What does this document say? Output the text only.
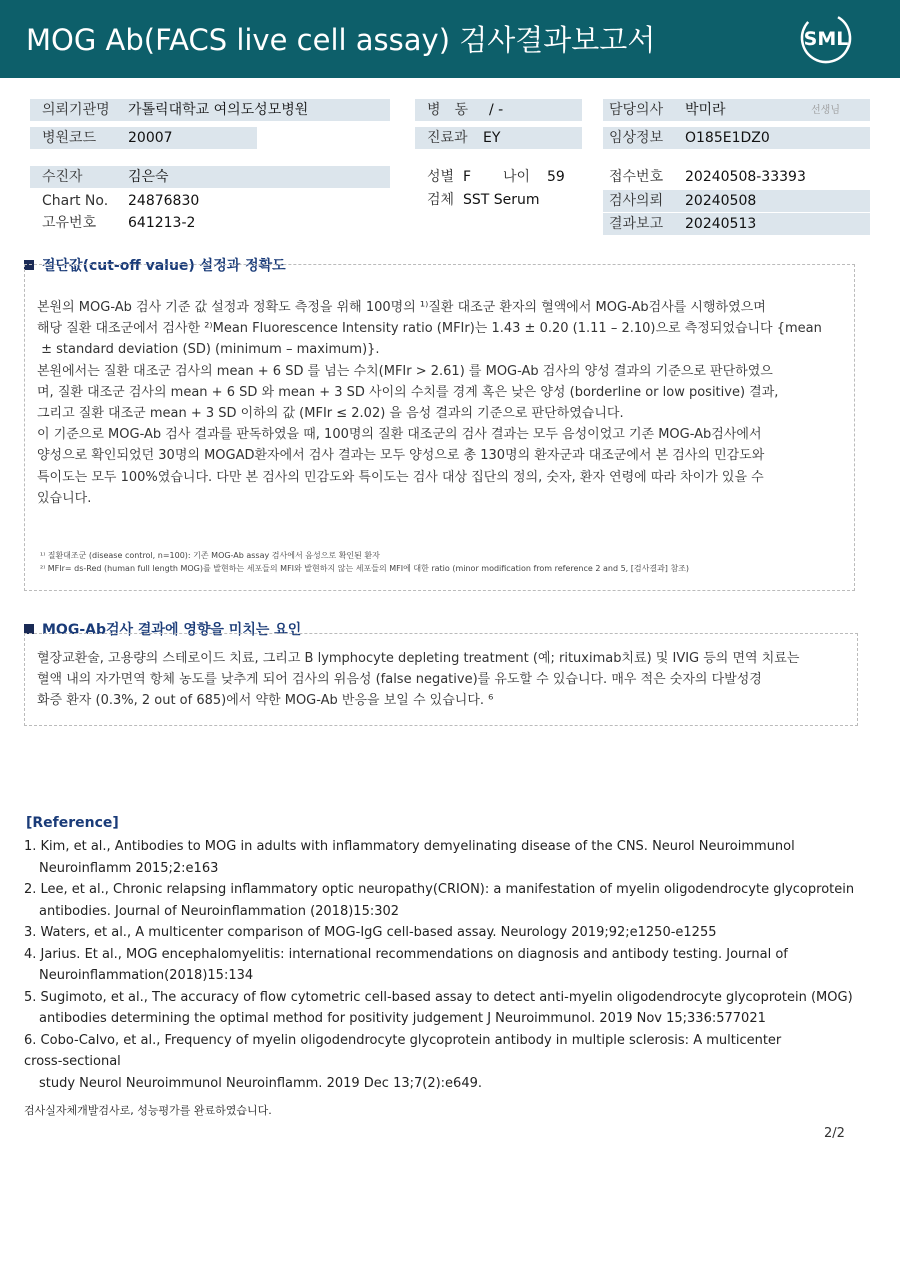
MOG Ab(FACS live cell assay) 검사결과보고서	SML
의뢰기관명 가톨릭대학교 여의도성모병원	병　동 / -	담당의사 박미라	선생님
병원코드 20007	진료과 EY	임상정보 O185E1DZ0
수진자	김은숙	성별 F 나이 59	접수번호 20240508-33393
Chart No. 24876830	검체 SST Serum	검사의뢰 20240508
고유번호 641213-2	결과보고 20240513
절단값(cut-off value) 설정과 정확도

본원의 MOG-Ab 검사 기준 값 설정과 정확도 측정을 위해 100명의 ¹⁾질환 대조군 환자의 혈액에서 MOG-Ab검사를 시행하였으며

해당 질환 대조군에서 검사한 ²⁾Mean Fluorescence Intensity ratio (MFIr)는 1.43 ± 0.20 (1.11 – 2.10)으로 측정되었습니다 {mean

± standard deviation (SD) (minimum – maximum)}.

본원에서는 질환 대조군 검사의 mean + 6 SD 를 넘는 수치(MFIr > 2.61) 를 MOG-Ab 검사의 양성 결과의 기준으로 판단하였으

며, 질환 대조군 검사의 mean + 6 SD 와 mean + 3 SD 사이의 수치를 경계 혹은 낮은 양성 (borderline or low positive) 결과,

그리고 질환 대조군 mean + 3 SD 이하의 값 (MFIr ≤ 2.02) 을 음성 결과의 기준으로 판단하였습니다.

이 기준으로 MOG-Ab 검사 결과를 판독하였을 때, 100명의 질환 대조군의 검사 결과는 모두 음성이었고 기존 MOG-Ab검사에서

양성으로 확인되었던 30명의 MOGAD환자에서 검사 결과는 모두 양성으로 총 130명의 환자군과 대조군에서 본 검사의 민감도와

특이도는 모두 100%였습니다. 다만 본 검사의 민감도와 특이도는 검사 대상 집단의 정의, 숫자, 환자 연령에 따라 차이가 있을 수

있습니다.

¹⁾ 질환대조군 (disease control, n=100): 기존 MOG-Ab assay 검사에서 음성으로 확인된 환자
²⁾ MFIr= ds-Red (human full length MOG)를 발현하는 세포들의 MFI와 발현하지 않는 세포들의 MFI에 대한 ratio (minor modification from reference 2 and 5, [검사결과] 참조)
MOG-Ab검사 결과에 영향을 미치는 요인

혈장교환술, 고용량의 스테로이드 치료, 그리고 B lymphocyte depleting treatment (예; rituximab치료) 및 IVIG 등의 면역 치료는

혈액 내의 자가면역 항체 농도를 낮추게 되어 검사의 위음성 (false negative)를 유도할 수 있습니다. 매우 적은 숫자의 다발성경

화증 환자 (0.3%, 2 out of 685)에서 약한 MOG-Ab 반응을 보일 수 있습니다. ⁶

[Reference]
1. Kim, et al., Antibodies to MOG in adults with inflammatory demyelinating disease of the CNS. Neurol Neuroimmunol
Neuroinflamm 2015;2:e163
2. Lee, et al., Chronic relapsing inflammatory optic neuropathy(CRION): a manifestation of myelin oligodendrocyte glycoprotein
antibodies. Journal of Neuroinflammation (2018)15:302
3. Waters, et al., A multicenter comparison of MOG-IgG cell-based assay. Neurology 2019;92;e1250-e1255
4. Jarius. Et al., MOG encephalomyelitis: international recommendations on diagnosis and antibody testing. Journal of
Neuroinflammation(2018)15:134
5. Sugimoto, et al., The accuracy of flow cytometric cell-based assay to detect anti-myelin oligodendrocyte glycoprotein (MOG)
antibodies determining the optimal method for positivity judgement J Neuroimmunol. 2019 Nov 15;336:577021
6. Cobo-Calvo, et al., Frequency of myelin oligodendrocyte glycoprotein antibody in multiple sclerosis: A multicenter
cross-sectional
study Neurol Neuroimmunol Neuroinflamm. 2019 Dec 13;7(2):e649.
검사실자체개발검사로, 성능평가를 완료하였습니다.
2/2
